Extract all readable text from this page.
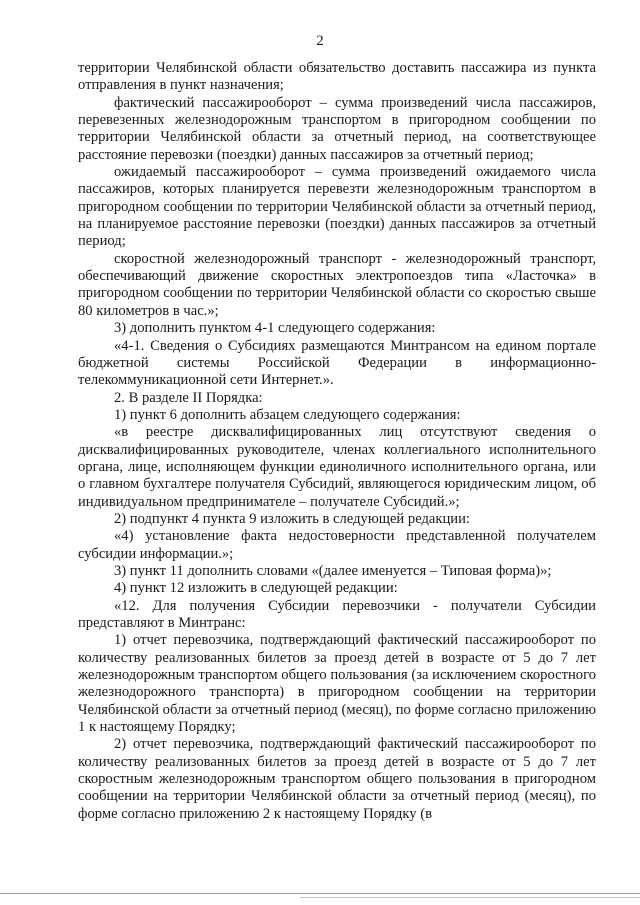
2

территории Челябинской области обязательство доставить пассажира из пункта отправления в пункт назначения;

фактический пассажирооборот – сумма произведений числа пассажиров, перевезенных железнодорожным транспортом в пригородном сообщении по территории Челябинской области за отчетный период, на соответствующее расстояние перевозки (поездки) данных пассажиров за отчетный период;

ожидаемый пассажирооборот – сумма произведений ожидаемого числа пассажиров, которых планируется перевезти железнодорожным транспортом в пригородном сообщении по территории Челябинской области за отчетный период, на планируемое расстояние перевозки (поездки) данных пассажиров за отчетный период;

скоростной железнодорожный транспорт - железнодорожный транспорт, обеспечивающий движение скоростных электропоездов типа «Ласточка» в пригородном сообщении по территории Челябинской области со скоростью свыше 80 километров в час.»;

3) дополнить пунктом 4-1 следующего содержания:

«4-1. Сведения о Субсидиях размещаются Минтрансом на едином портале бюджетной системы Российской Федерации в информационно-телекоммуникационной сети Интернет.».

2. В разделе II Порядка:

1) пункт 6 дополнить абзацем следующего содержания:

«в реестре дисквалифицированных лиц отсутствуют сведения о дисквалифицированных руководителе, членах коллегиального исполнительного органа, лице, исполняющем функции единоличного исполнительного органа, или о главном бухгалтере получателя Субсидий, являющегося юридическим лицом, об индивидуальном предпринимателе – получателе Субсидий.»;

2) подпункт 4 пункта 9 изложить в следующей редакции:

«4) установление факта недостоверности представленной получателем субсидии информации.»;

3) пункт 11 дополнить словами «(далее именуется – Типовая форма)»;

4) пункт 12 изложить в следующей редакции:

«12. Для получения Субсидии перевозчики - получатели Субсидии представляют в Минтранс:

1) отчет перевозчика, подтверждающий фактический пассажирооборот по количеству реализованных билетов за проезд детей в возрасте от 5 до 7 лет железнодорожным транспортом общего пользования (за исключением скоростного железнодорожного транспорта) в пригородном сообщении на территории Челябинской области за отчетный период (месяц), по форме согласно приложению 1 к настоящему Порядку;

2) отчет перевозчика, подтверждающий фактический пассажирооборот по количеству реализованных билетов за проезд детей в возрасте от 5 до 7 лет скоростным железнодорожным транспортом общего пользования в пригородном сообщении на территории Челябинской области за отчетный период (месяц), по форме согласно приложению 2 к настоящему Порядку (в
